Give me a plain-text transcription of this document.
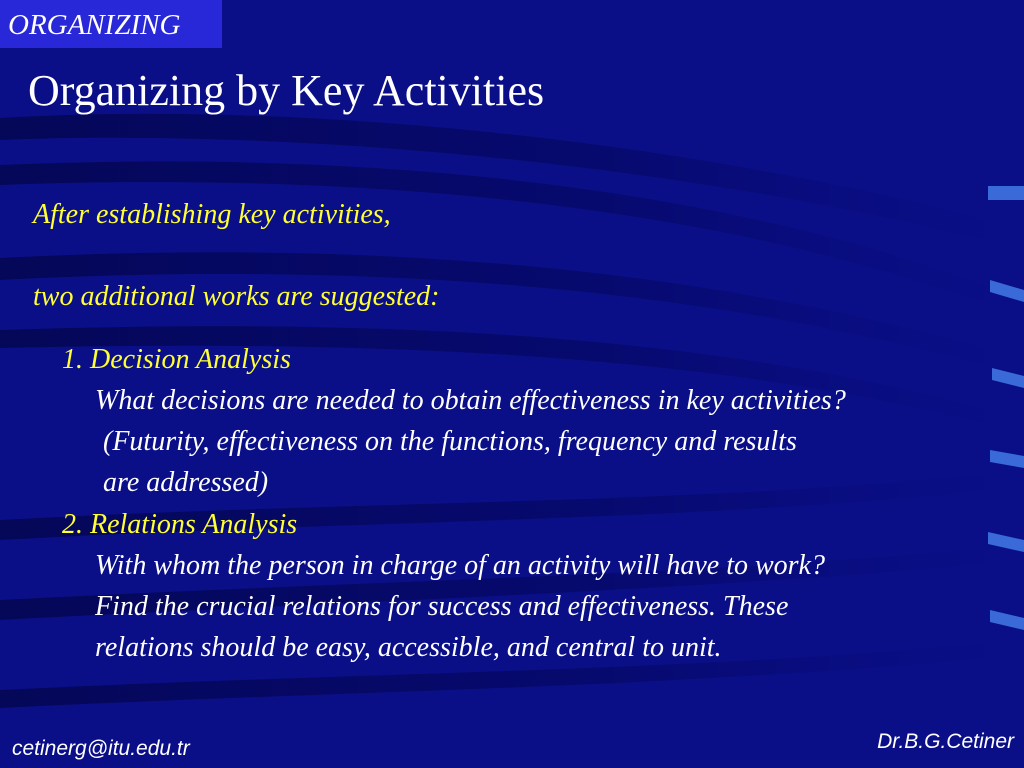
ORGANIZING
Organizing by Key Activities
After establishing key activities,
two additional works are suggested:
1. Decision Analysis
What decisions are needed to obtain effectiveness in key activities?
(Futurity, effectiveness on the functions, frequency and results
are addressed)
2. Relations Analysis
With whom the person in charge of an activity will have to work?
Find the crucial relations for success and effectiveness. These
relations should be easy, accessible, and central to unit.
cetinerg@itu.edu.tr	Dr.B.G.Cetiner
